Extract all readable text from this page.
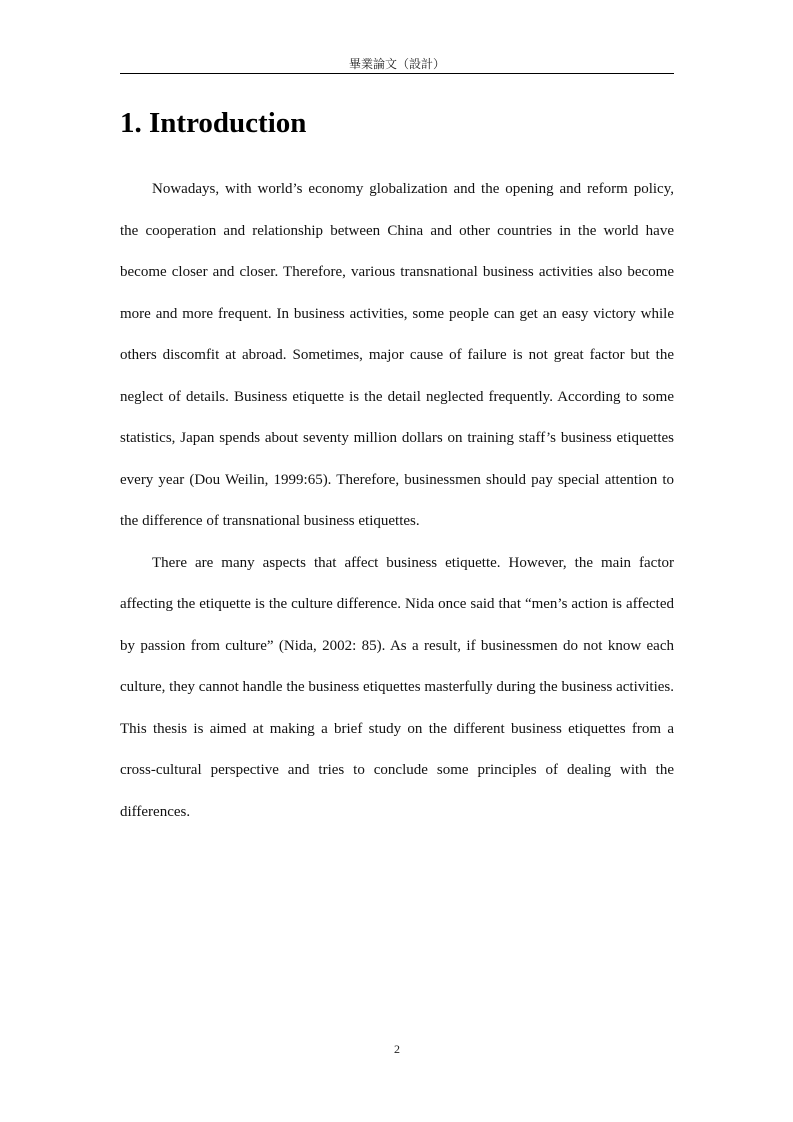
畢業論文（設計）
1. Introduction

Nowadays, with world’s economy globalization and the opening and reform policy, the cooperation and relationship between China and other countries in the world have become closer and closer. Therefore, various transnational business activities also become more and more frequent. In business activities, some people can get an easy victory while others discomfit at abroad. Sometimes, major cause of failure is not great factor but the neglect of details. Business etiquette is the detail neglected frequently. According to some statistics, Japan spends about seventy million dollars on training staff’s business etiquettes every year (Dou Weilin, 1999:65). Therefore, businessmen should pay special attention to the difference of transnational business etiquettes.

There are many aspects that affect business etiquette. However, the main factor affecting the etiquette is the culture difference. Nida once said that “men’s action is affected by passion from culture” (Nida, 2002: 85). As a result, if businessmen do not know each culture, they cannot handle the business etiquettes masterfully during the business activities. This thesis is aimed at making a brief study on the different business etiquettes from a cross-cultural perspective and tries to conclude some principles of dealing with the differences.

2
